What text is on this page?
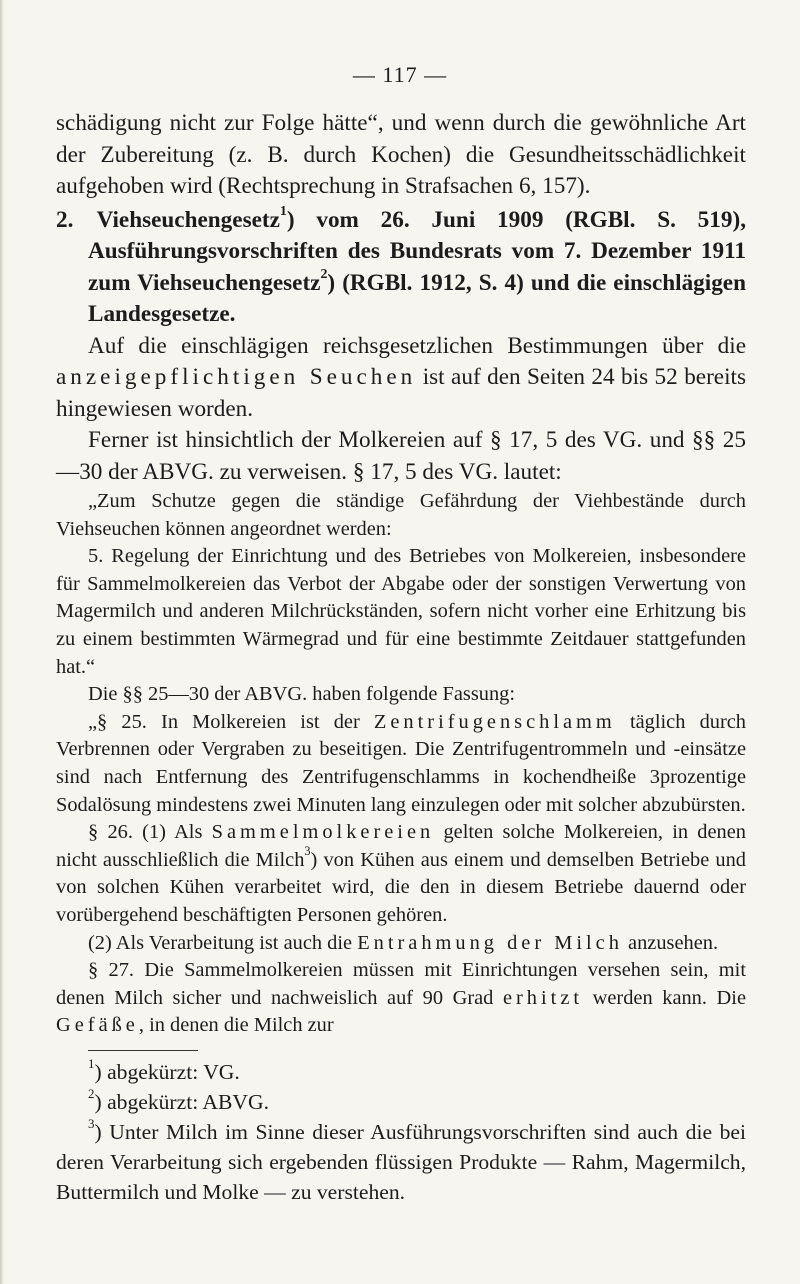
— 117 —

schädigung nicht zur Folge hätte“, und wenn durch die gewöhnliche Art der Zubereitung (z. B. durch Kochen) die Gesundheitsschädlichkeit aufgehoben wird (Rechtsprechung in Strafsachen 6, 157).

2.  Viehseuchengesetz$^1$) vom 26. Juni 1909 (RGBl. S. 519), Ausführungsvorschriften des Bundesrats vom 7. Dezember 1911 zum Viehseuchengesetz$^2$) (RGBl. 1912, S. 4) und die einschlägigen Landesgesetze.

Auf die einschlägigen reichsgesetzlichen Bestimmungen über die anzeigepflichtigen Seuchen ist auf den Seiten 24 bis 52 bereits hingewiesen worden.

Ferner ist hinsichtlich der Molkereien auf § 17, 5 des VG. und §§ 25—30 der ABVG. zu verweisen. § 17, 5 des VG. lautet:

„Zum Schutze gegen die ständige Gefährdung der Viehbestände durch Viehseuchen können angeordnet werden:

5. Regelung der Einrichtung und des Betriebes von Molkereien, insbesondere für Sammelmolkereien das Verbot der Abgabe oder der sonstigen Verwertung von Magermilch und anderen Milchrückständen, sofern nicht vorher eine Erhitzung bis zu einem bestimmten Wärmegrad und für eine bestimmte Zeitdauer stattgefunden hat.“

Die §§ 25—30 der ABVG. haben folgende Fassung:

„§ 25. In Molkereien ist der Zentrifugenschlamm täglich durch Verbrennen oder Vergraben zu beseitigen. Die Zentrifugentrommeln und -einsätze sind nach Entfernung des Zentrifugenschlamms in kochendheiße 3prozentige Sodalösung mindestens zwei Minuten lang einzulegen oder mit solcher abzubürsten.

§ 26. (1) Als Sammelmolkereien gelten solche Molkereien, in denen nicht ausschließlich die Milch$^3$) von Kühen aus einem und demselben Betriebe und von solchen Kühen verarbeitet wird, die den in diesem Betriebe dauernd oder vorübergehend beschäftigten Personen gehören.

(2) Als Verarbeitung ist auch die Entrahmung der Milch anzusehen.

§ 27. Die Sammelmolkereien müssen mit Einrichtungen versehen sein, mit denen Milch sicher und nachweislich auf 90 Grad erhitzt werden kann. Die Gefäße, in denen die Milch zur

$^1$) abgekürzt: VG.

$^2$) abgekürzt: ABVG.

$^3$) Unter Milch im Sinne dieser Ausführungsvorschriften sind auch die bei deren Verarbeitung sich ergebenden flüssigen Produkte — Rahm, Magermilch, Buttermilch und Molke — zu verstehen.
